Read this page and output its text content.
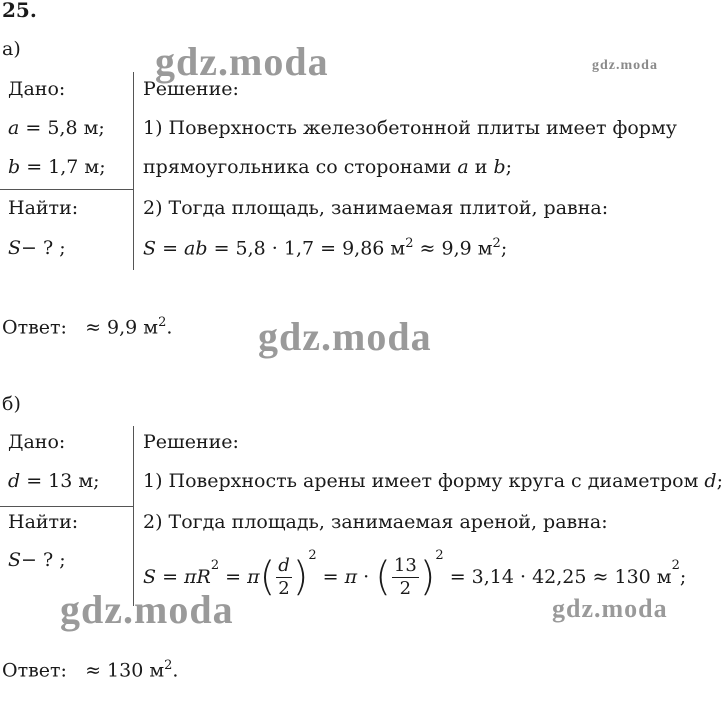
25.
а)
Дано:
a = 5,8 м;
b = 1,7 м;
Найти:
S− ? ;
Решение:
1) Поверхность железобетонной плиты имеет форму
прямоугольника со сторонами a и b;
2) Тогда площадь, занимаемая плитой, равна:
S = ab = 5,8 · 1,7 = 9,86 $м^2 \approx 9,9$ $м^2$;
Ответ: ≈ 9,9 $м^2$.
б)
Дано:
d = 13 м;
Найти:
S− ? ;
Решение:
1) Поверхность арены имеет форму круга с диаметром d;
2) Тогда площадь, занимаемая ареной, равна:
S = πR
$^2$
= π ( $\frac{d}{2} )^2$
= π · ( $\frac{13}{2} )^2$
= 3,14 · 42,25 ≈ 130 м
$^2$
;
Ответ: ≈ 130 $м^2$.
gdz.moda	gdz.moda
gdz.moda
gdz.moda	gdz.moda
